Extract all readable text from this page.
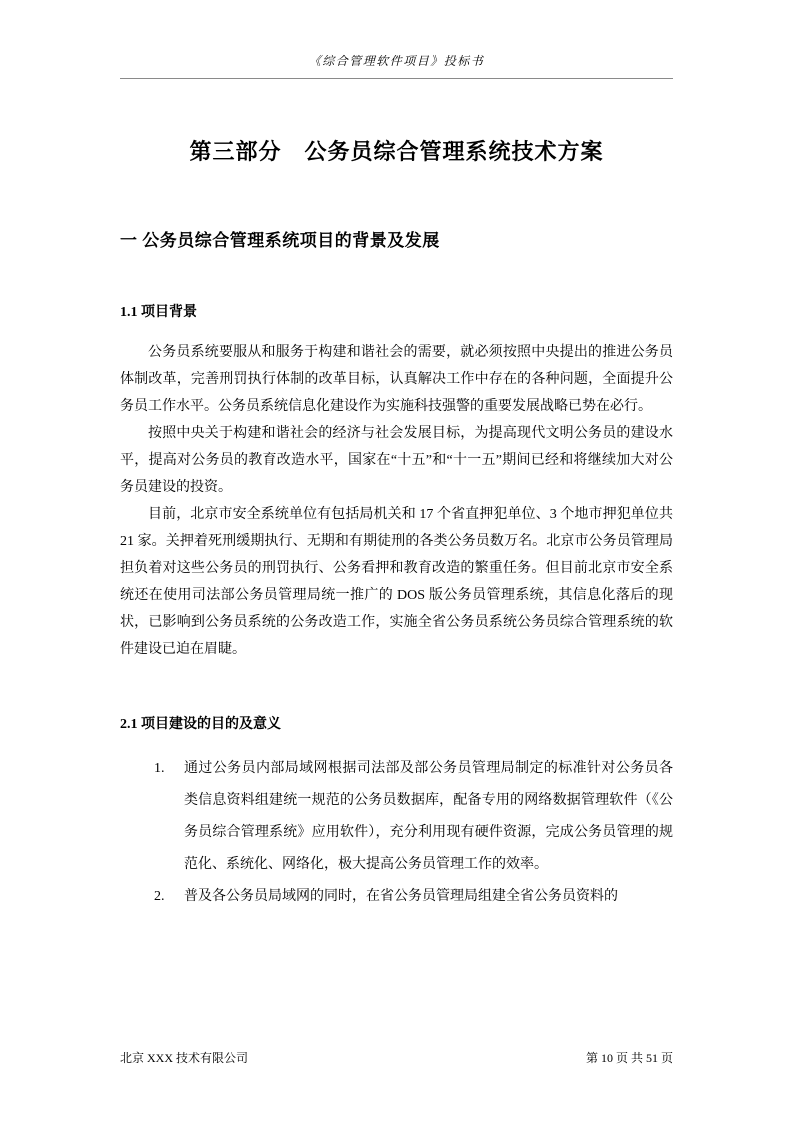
《综合管理软件项目》投标书
第三部分　公务员综合管理系统技术方案
一 公务员综合管理系统项目的背景及发展
1.1 项目背景

公务员系统要服从和服务于构建和谐社会的需要，就必须按照中央提出的推进公务员体制改革，完善刑罚执行体制的改革目标，认真解决工作中存在的各种问题，全面提升公务员工作水平。公务员系统信息化建设作为实施科技强警的重要发展战略已势在必行。

按照中央关于构建和谐社会的经济与社会发展目标，为提高现代文明公务员的建设水平，提高对公务员的教育改造水平，国家在“十五”和“十一五”期间已经和将继续加大对公务员建设的投资。

目前，北京市安全系统单位有包括局机关和 17 个省直押犯单位、3 个地市押犯单位共 21 家。关押着死刑缓期执行、无期和有期徒刑的各类公务员数万名。北京市公务员管理局担负着对这些公务员的刑罚执行、公务看押和教育改造的繁重任务。但目前北京市安全系统还在使用司法部公务员管理局统一推广的 DOS 版公务员管理系统，其信息化落后的现状，已影响到公务员系统的公务改造工作，实施全省公务员系统公务员综合管理系统的软件建设已迫在眉睫。

2.1 项目建设的目的及意义
1.	通过公务员内部局域网根据司法部及部公务员管理局制定的标准针对公务员各类信息资料组建统一规范的公务员数据库，配备专用的网络数据管理软件（《公务员综合管理系统》应用软件），充分利用现有硬件资源，完成公务员管理的规范化、系统化、网络化，极大提高公务员管理工作的效率。
2.	普及各公务员局域网的同时，在省公务员管理局组建全省公务员资料的
北京 XXX 技术有限公司	第 10 页 共 51 页
